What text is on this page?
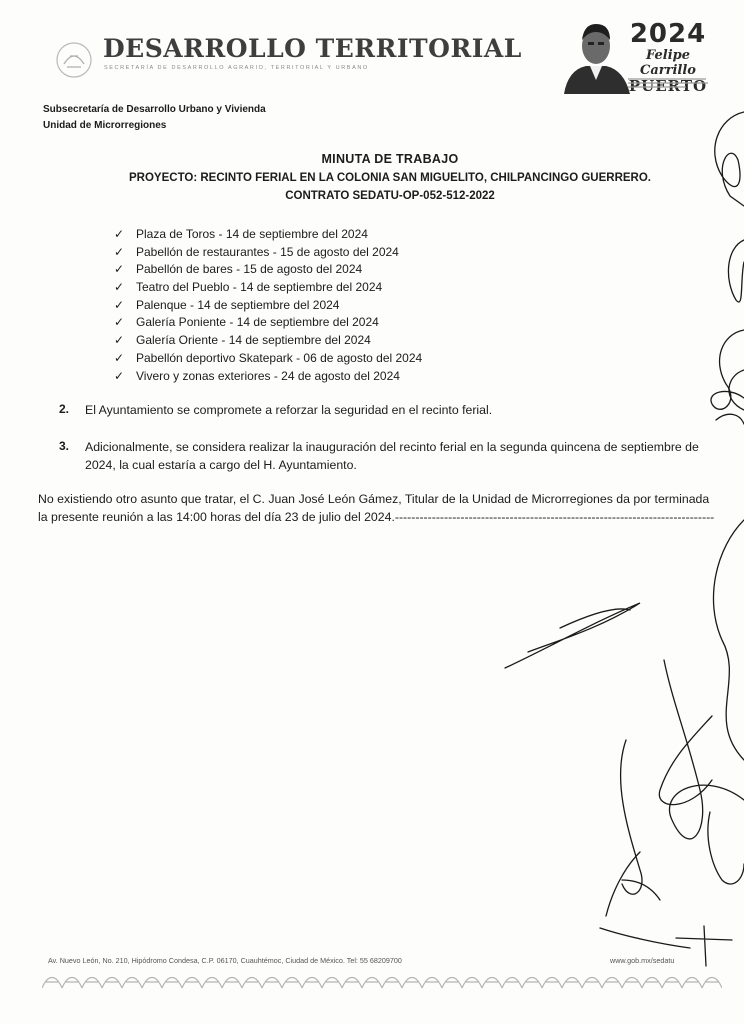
DESARROLLO TERRITORIAL
SECRETARÍA DE DESARROLLO AGRARIO, TERRITORIAL Y URBANO
2024
Felipe Carrillo
PUERTO
Subsecretaría de Desarrollo Urbano y Vivienda
Unidad de Microrregiones
MINUTA DE TRABAJO
PROYECTO: RECINTO FERIAL EN LA COLONIA SAN MIGUELITO, CHILPANCINGO GUERRERO.
CONTRATO SEDATU-OP-052-512-2022
✓ Plaza de Toros - 14 de septiembre del 2024
✓ Pabellón de restaurantes - 15 de agosto del 2024
✓ Pabellón de bares - 15 de agosto del 2024
✓ Teatro del Pueblo - 14 de septiembre del 2024
✓ Palenque - 14 de septiembre del 2024
✓ Galería Poniente - 14 de septiembre del 2024
✓ Galería Oriente - 14 de septiembre del 2024
✓ Pabellón deportivo Skatepark - 06 de agosto del 2024
✓ Vivero y zonas exteriores - 24 de agosto del 2024
2. El Ayuntamiento se compromete a reforzar la seguridad en el recinto ferial.
3. Adicionalmente, se considera realizar la inauguración del recinto ferial en la segunda quincena de septiembre de
2024, la cual estaría a cargo del H. Ayuntamiento.
No existiendo otro asunto que tratar, el C. Juan José León Gámez, Titular de la Unidad de Microrregiones da por terminada
la presente reunión a las 14:00 horas del día 23 de julio del 2024.------------------------------------------------------------------------------
Av. Nuevo León, No. 210, Hipódromo Condesa, C.P. 06170, Cuauhtémoc, Ciudad de México. Tel: 55 68209700	www.gob.mx/sedatu
